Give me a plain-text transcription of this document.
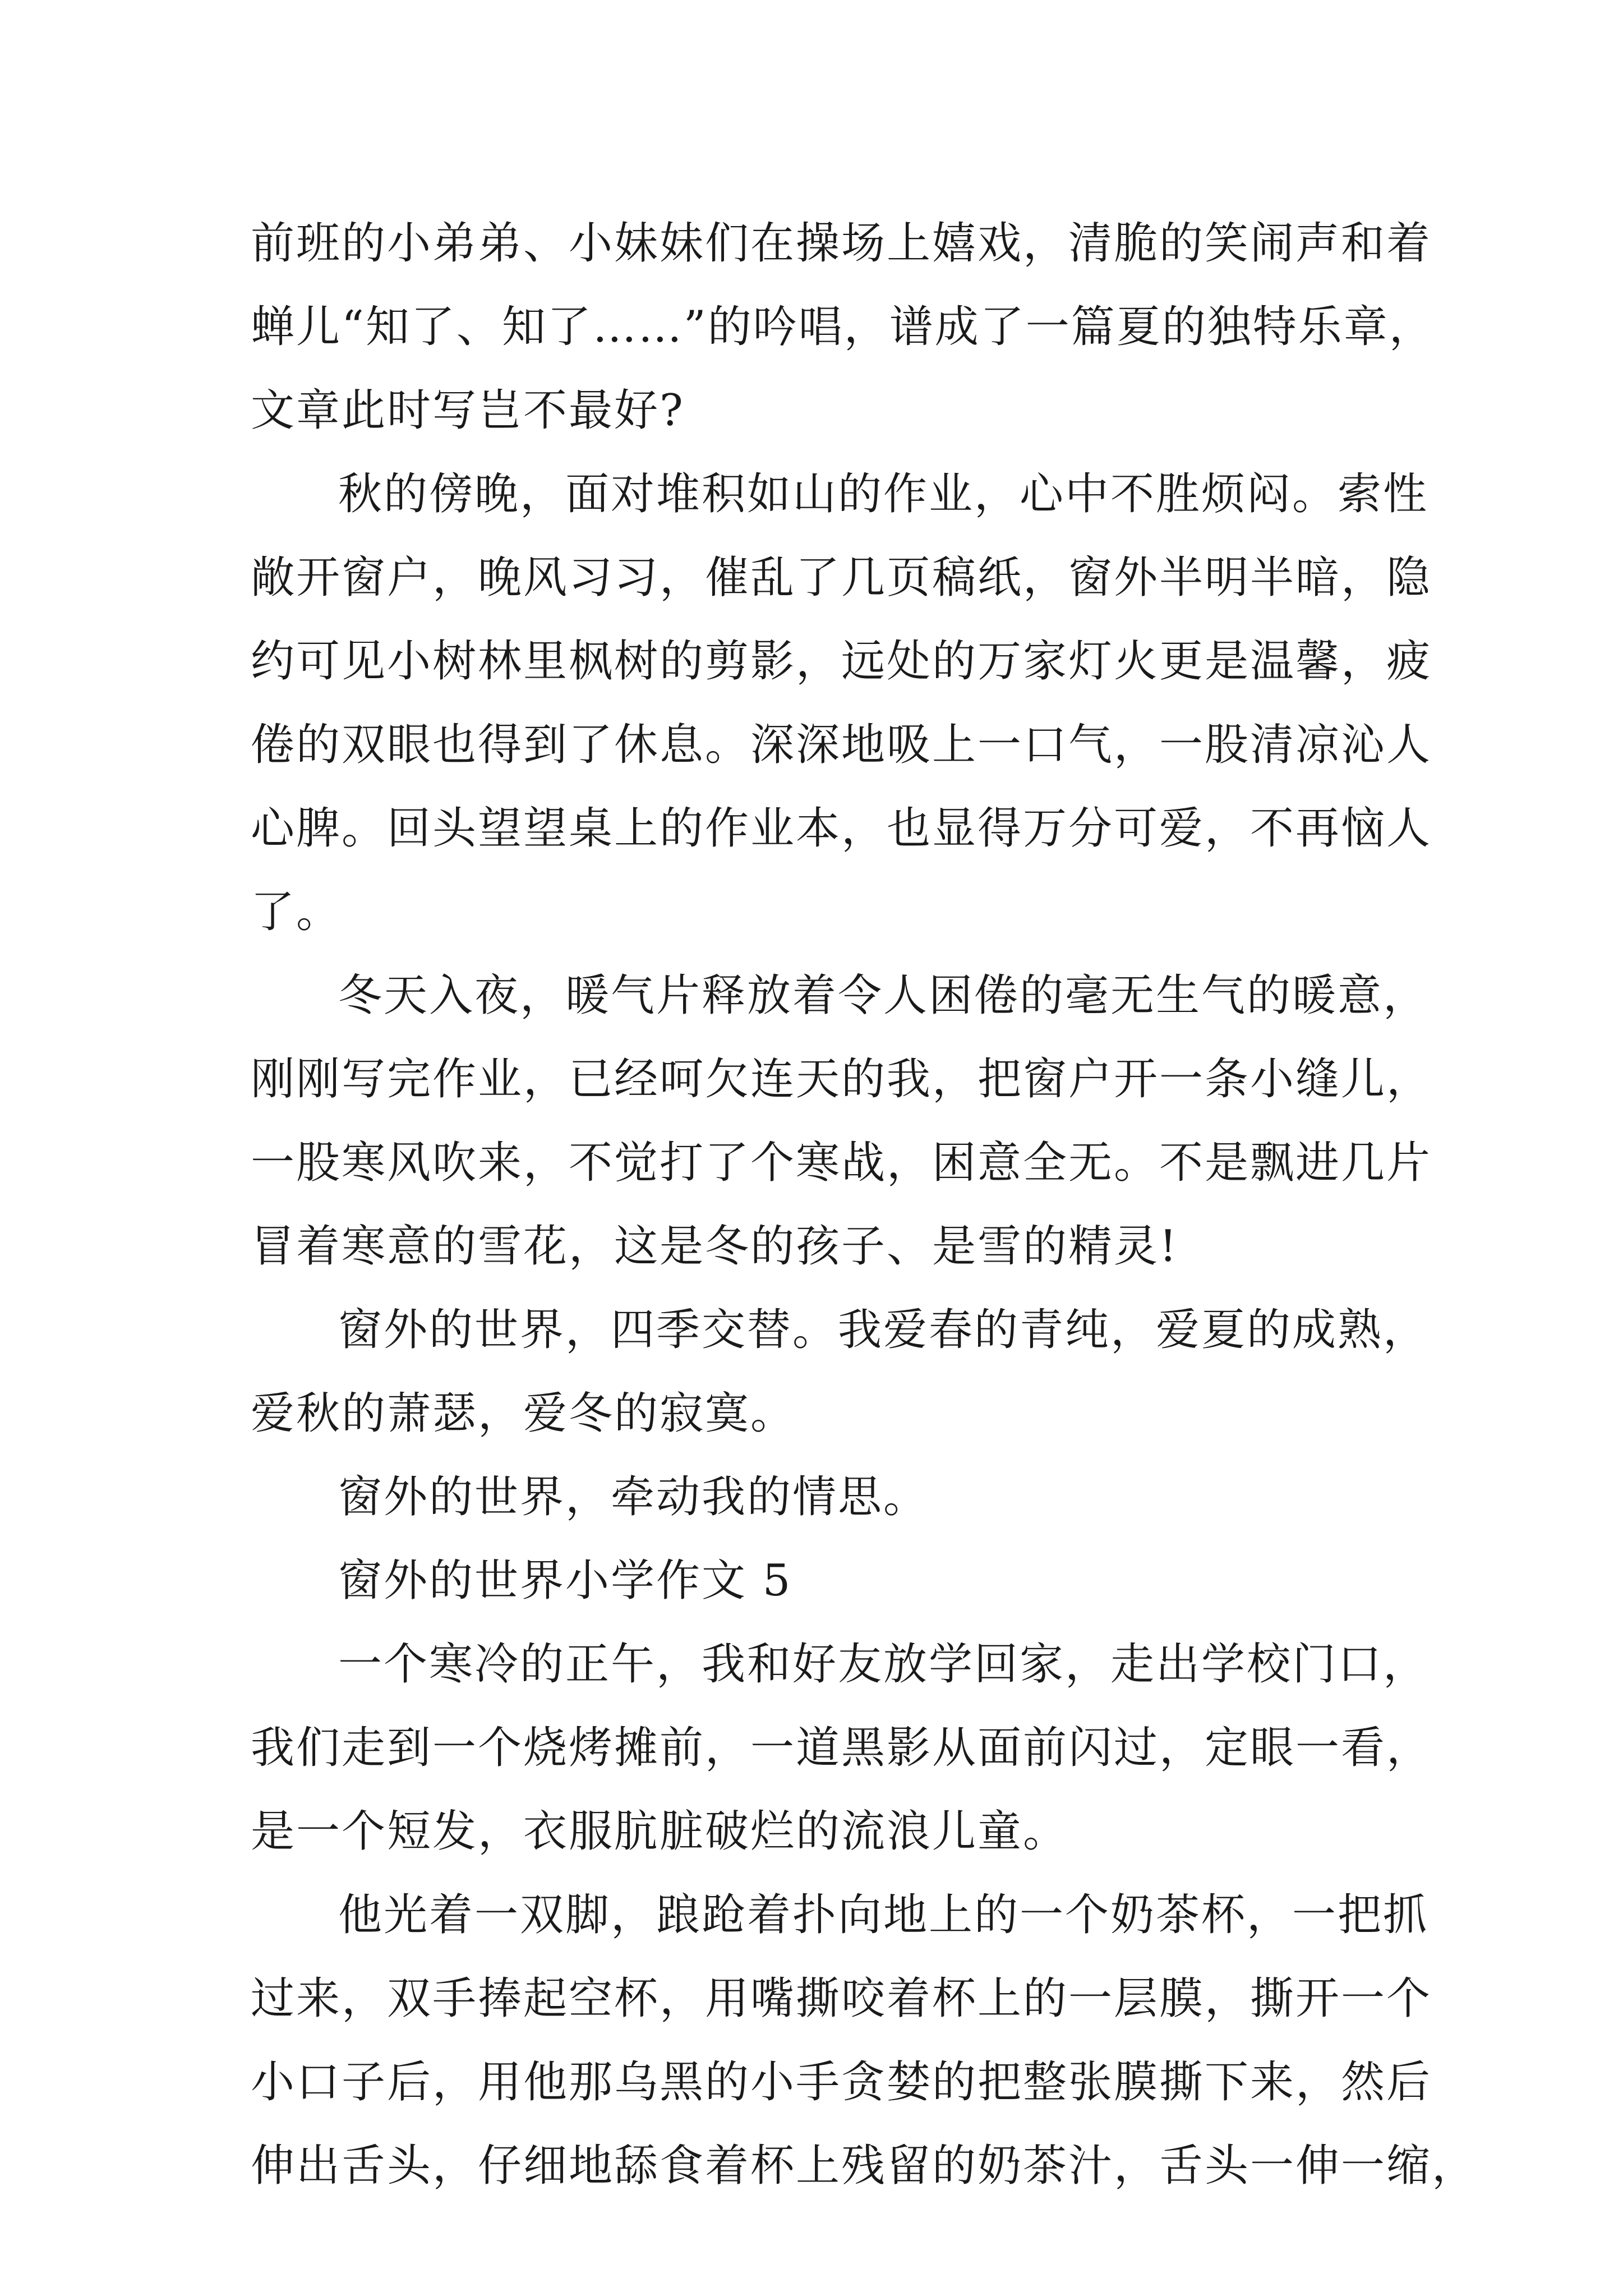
前班的小弟弟、小妹妹们在操场上嬉戏，清脆的笑闹声和着
蝉儿“知了、知了……”的吟唱，谱成了一篇夏的独特乐章，
文章此时写岂不最好?
秋的傍晚，面对堆积如山的作业，心中不胜烦闷。索性
敞开窗户，晚风习习，催乱了几页稿纸，窗外半明半暗，隐
约可见小树林里枫树的剪影，远处的万家灯火更是温馨，疲
倦的双眼也得到了休息。深深地吸上一口气，一股清凉沁人
心脾。回头望望桌上的作业本，也显得万分可爱，不再恼人
了。
冬天入夜，暖气片释放着令人困倦的毫无生气的暖意，
刚刚写完作业，已经呵欠连天的我，把窗户开一条小缝儿，
一股寒风吹来，不觉打了个寒战，困意全无。不是飘进几片
冒着寒意的雪花，这是冬的孩子、是雪的精灵!
窗外的世界，四季交替。我爱春的青纯，爱夏的成熟，
爱秋的萧瑟，爱冬的寂寞。
窗外的世界，牵动我的情思。
窗外的世界小学作文 5
一个寒冷的正午，我和好友放学回家，走出学校门口，
我们走到一个烧烤摊前，一道黑影从面前闪过，定眼一看，
是一个短发，衣服肮脏破烂的流浪儿童。
他光着一双脚，踉跄着扑向地上的一个奶茶杯，一把抓
过来，双手捧起空杯，用嘴撕咬着杯上的一层膜，撕开一个
小口子后，用他那乌黑的小手贪婪的把整张膜撕下来，然后
伸出舌头，仔细地舔食着杯上残留的奶茶汁，舌头一伸一缩，
